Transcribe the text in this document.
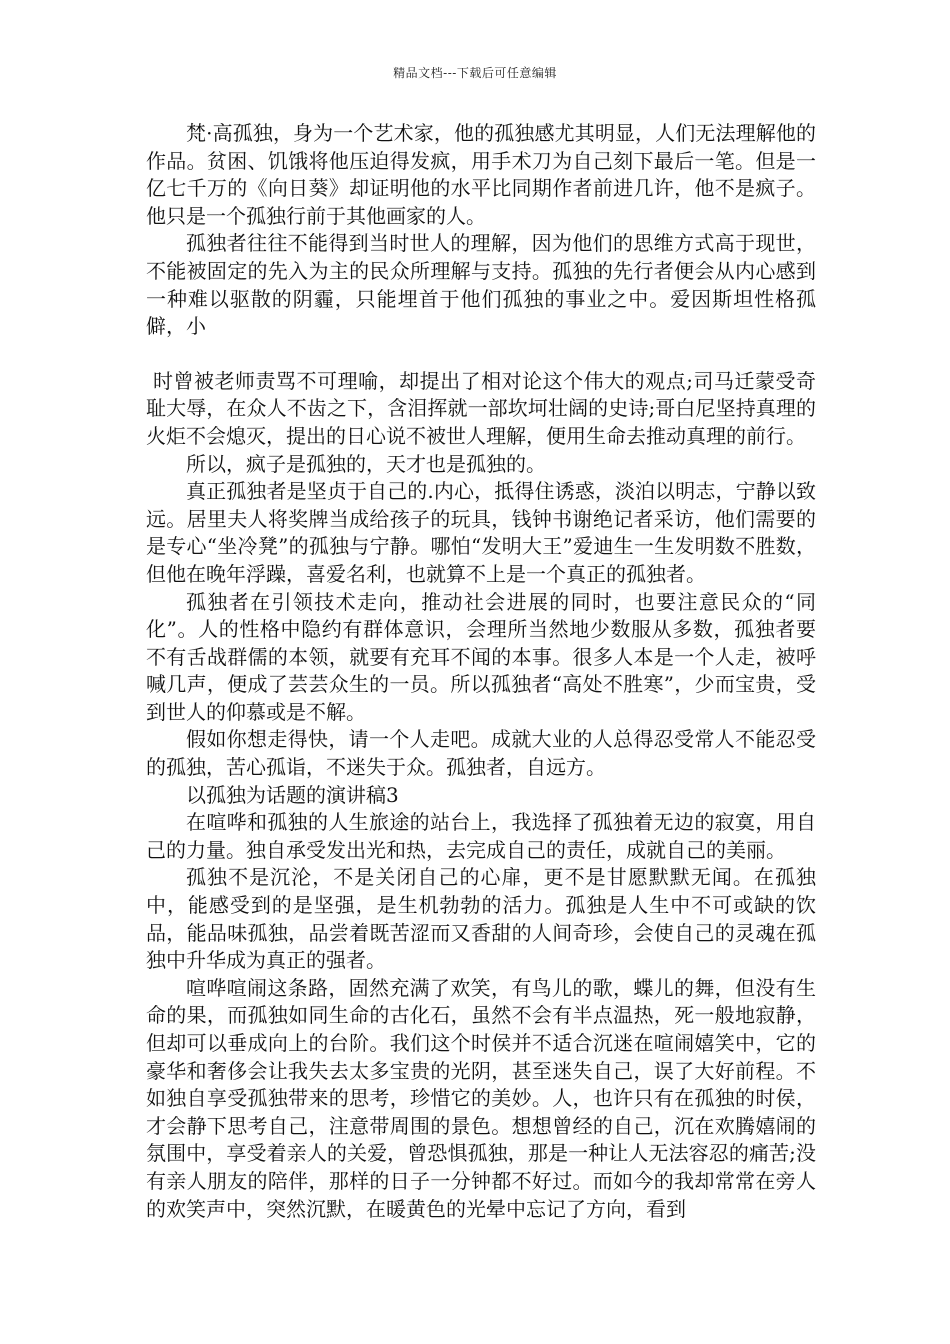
精品文档---下载后可任意编辑

梵·高孤独，身为一个艺术家，他的孤独感尤其明显，人们无法理解他的作品。贫困、饥饿将他压迫得发疯，用手术刀为自己刻下最后一笔。但是一亿七千万的《向日葵》却证明他的水平比同期作者前进几许，他不是疯子。他只是一个孤独行前于其他画家的人。

孤独者往往不能得到当时世人的理解，因为他们的思维方式高于现世，不能被固定的先入为主的民众所理解与支持。孤独的先行者便会从内心感到一种难以驱散的阴霾，只能埋首于他们孤独的事业之中。爱因斯坦性格孤僻，小

时曾被老师责骂不可理喻，却提出了相对论这个伟大的观点;司马迁蒙受奇耻大辱，在众人不齿之下，含泪挥就一部坎坷壮阔的史诗;哥白尼坚持真理的火炬不会熄灭，提出的日心说不被世人理解，便用生命去推动真理的前行。

所以，疯子是孤独的，天才也是孤独的。

真正孤独者是坚贞于自己的.内心，抵得住诱惑，淡泊以明志，宁静以致远。居里夫人将奖牌当成给孩子的玩具，钱钟书谢绝记者采访，他们需要的是专心“坐冷凳”的孤独与宁静。哪怕“发明大王”爱迪生一生发明数不胜数，但他在晚年浮躁，喜爱名利，也就算不上是一个真正的孤独者。

孤独者在引领技术走向，推动社会进展的同时，也要注意民众的“同化”。人的性格中隐约有群体意识，会理所当然地少数服从多数，孤独者要不有舌战群儒的本领，就要有充耳不闻的本事。很多人本是一个人走，被呼喊几声，便成了芸芸众生的一员。所以孤独者“高处不胜寒”，少而宝贵，受到世人的仰慕或是不解。

假如你想走得快，请一个人走吧。成就大业的人总得忍受常人不能忍受的孤独，苦心孤诣，不迷失于众。孤独者，自远方。

以孤独为话题的演讲稿3

在喧哗和孤独的人生旅途的站台上，我选择了孤独着无边的寂寞，用自己的力量。独自承受发出光和热，去完成自己的责任，成就自己的美丽。

孤独不是沉沦，不是关闭自己的心扉，更不是甘愿默默无闻。在孤独中，能感受到的是坚强，是生机勃勃的活力。孤独是人生中不可或缺的饮品，能品味孤独，品尝着既苦涩而又香甜的人间奇珍，会使自己的灵魂在孤独中升华成为真正的强者。

喧哗喧闹这条路，固然充满了欢笑，有鸟儿的歌，蝶儿的舞，但没有生命的果，而孤独如同生命的古化石，虽然不会有半点温热，死一般地寂静，但却可以垂成向上的台阶。我们这个时侯并不适合沉迷在喧闹嬉笑中，它的豪华和奢侈会让我失去太多宝贵的光阴，甚至迷失自己，误了大好前程。不如独自享受孤独带来的思考，珍惜它的美妙。人，也许只有在孤独的时侯，才会静下思考自己，注意带周围的景色。想想曾经的自己，沉在欢腾嬉闹的氛围中，享受着亲人的关爱，曾恐惧孤独，那是一种让人无法容忍的痛苦;没有亲人朋友的陪伴，那样的日子一分钟都不好过。而如今的我却常常在旁人的欢笑声中，突然沉默，在暖黄色的光晕中忘记了方向，看到
